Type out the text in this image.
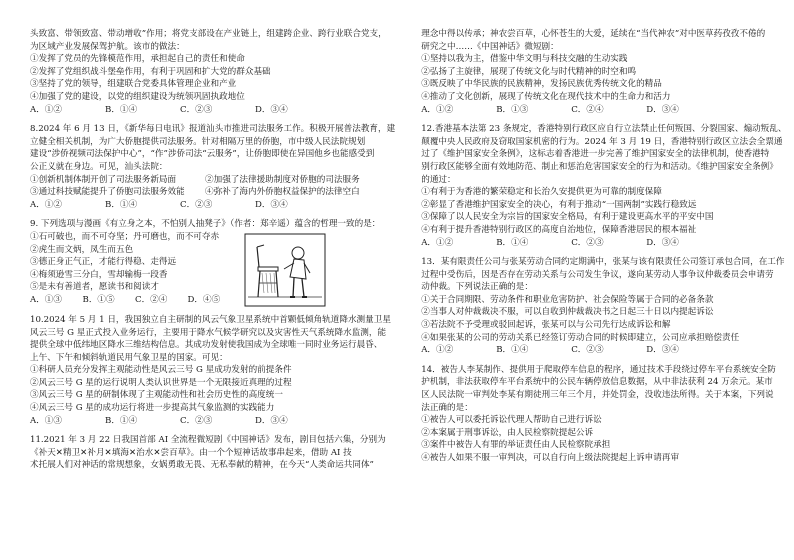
头致富、带领致富、带动增收”作用；将党支部设在产业链上，组建跨企业、跨行业联合党支，

为区域产业发展保驾护航。该市的做法：

①发挥了党员的先锋模范作用，承担起自己的责任和使命

②发挥了党组织战斗堡垒作用，有利于巩固和扩大党的群众基础

③坚持了党的领导，组建联合党委具体管理企业和产业

④加强了党的建设，以党的组织建设为统领巩固执政地位

A．①②	B．①④	C．②③	D．③④

8.2024 年 6 月 13 日，《新华每日电讯》报道汕头市推进司法服务工作。积极开展普法教育，建

立健全相关机制，为广大侨胞提供司法服务。针对相隔万里的侨胞，市中级人民法院规划

建设“涉侨视频司法保护中心”，“作”涉侨司法“云服务”，让侨胞即使在异国他乡也能感受到

公正义就在身边。可见，汕头法院：

①创新机制体制开创了司法服务新局面	②加强了法律援助制度对侨胞的司法服务
③通过科技赋能提升了侨胞司法服务效能	④弥补了海内外侨胞权益保护的法律空白
A．①②	B．①④	C．②③	D．③④

9. 下列选项与漫画《有立身之本，不怕别人抽凳子》（作者：郑辛遥）蕴含的哲理一致的是：

①石可破也，而不可夺坚；丹可磨也，而不可夺赤

②虎生而文炳，凤生而五色

③德正身正气正，才能行得稳、走得远

④梅须逊雪三分白，雪却输梅一段香

⑤是未有善道者，愿读书和阅读才

A．①③	B．①⑤	C．②④	D．④⑤

10.2024 年 5 月 1 日，我国独立自主研制的风云气象卫星系统中首颗低倾角轨道降水测量卫星

风云三号 G 星正式投入业务运行，主要用于降水气候学研究以及灾害性天气系统降水监测，能

提供全球中低纬地区降水三维结构信息。其成功发射使我国成为全球唯一同时业务运行晨昏、

上午、下午和倾斜轨道民用气象卫星的国家。可见：

①科研人员充分发挥主观能动性是风云三号 G 星成功发射的前提条件

②风云三号 G 星的运行说明人类认识世界是一个无限接近真理的过程

③风云三号 G 星的研制体现了主观能动性和社会历史性的高度统一

④风云三号 G 星的成功运行将进一步提高其气象监测的实践能力

A．①③	B．①④	C．②③	D．③④

11.2021 年 3 月 22 日我国首部 AI 全流程微短剧《中国神话》发布，剧目包括六集，分别为

《补天✕精卫✕补月✕填海✕治水✕尝百草》。由一个个短神话故事串起来，借助 AI 技

术托展人们对神话的常规想象，女娲勇敢无畏、无私奉献的精神，在今天“人类命运共同体”

理念中得以传承；神农尝百草，心怀苍生的大爱，延续在“当代神农”对中医草药孜孜不倦的

研究之中……《中国神话》微短剧：

①坚持以我为主，借鉴中华文明与科技交融的生动实践

②弘扬了主旋律，展现了传统文化与时代精神的时空和鸣

③既反映了中华民族的民族精神，发扬民族优秀传统文化的精品

④推动了文化创新，展现了传统文化在现代技术中的生命力和活力

A．①②	B．①③	C．②④	D．③④

12.香港基本法第 23 条规定，香港特别行政区应自行立法禁止任何叛国、分裂国家、煽动叛乱、

颠覆中央人民政府及窃取国家机密的行为。2024 年 3 月 19 日，香港特别行政区立法会全票通

过了《维护国家安全条例》，这标志着香港进一步完善了维护国家安全的法律机制，使香港特

别行政区能够全面有效地防范、制止和惩治危害国家安全的行为和活动。《维护国家安全条例》

的通过：

①有利于为香港的繁荣稳定和长治久安提供更为可靠的制度保障

②彰显了香港维护国家安全的决心，有利于推动“一国两制”实践行稳致远

③保障了以人民安全为宗旨的国家安全格局，有利于建设更高水平的平安中国

④有利于提升香港特别行政区的高度自治地位，保障香港居民的根本福祉

A．①②	B．①④	C．②③	D．③④

13．某有限责任公司与张某劳动合同约定期满中，张某与该有限责任公司签订承包合同，在工作

过程中受伤后，因是否存在劳动关系与公司发生争议，遂向某劳动人事争议仲裁委员会申请劳

动仲裁。下列说法正确的是：

①关于合同期限、劳动条件和职业危害防护、社会保险等属于合同的必备条款

②当事人对仲裁裁决不服，可以自收到仲裁裁决书之日起三十日以内提起诉讼

③若法院不予受理或驳回起诉，张某可以与公司先行达成诉讼和解

④如果张某的公司的劳动关系已经签订劳动合同的时候即建立，公司应承担赔偿责任

A．①②	B．①④	C．②③	D．③④

14．被告人李某制作、提供用于爬取停车信息的程序，通过技术手段绕过停车平台系统安全防

护机制，非法获取停车平台系统中的公民车辆停放信息数据，从中非法获利 24 万余元。某市

区人民法院一审判处李某有期徒刑三年三个月，并处罚金，没收违法所得。关于本案，下列说

法正确的是：

①被告人可以委托诉讼代理人帮助自己进行诉讼

②本案属于刑事诉讼，由人民检察院提起公诉

③案件中被告人有罪的举证责任由人民检察院承担

④被告人如果不服一审判决，可以自行向上级法院提起上诉申请再审
